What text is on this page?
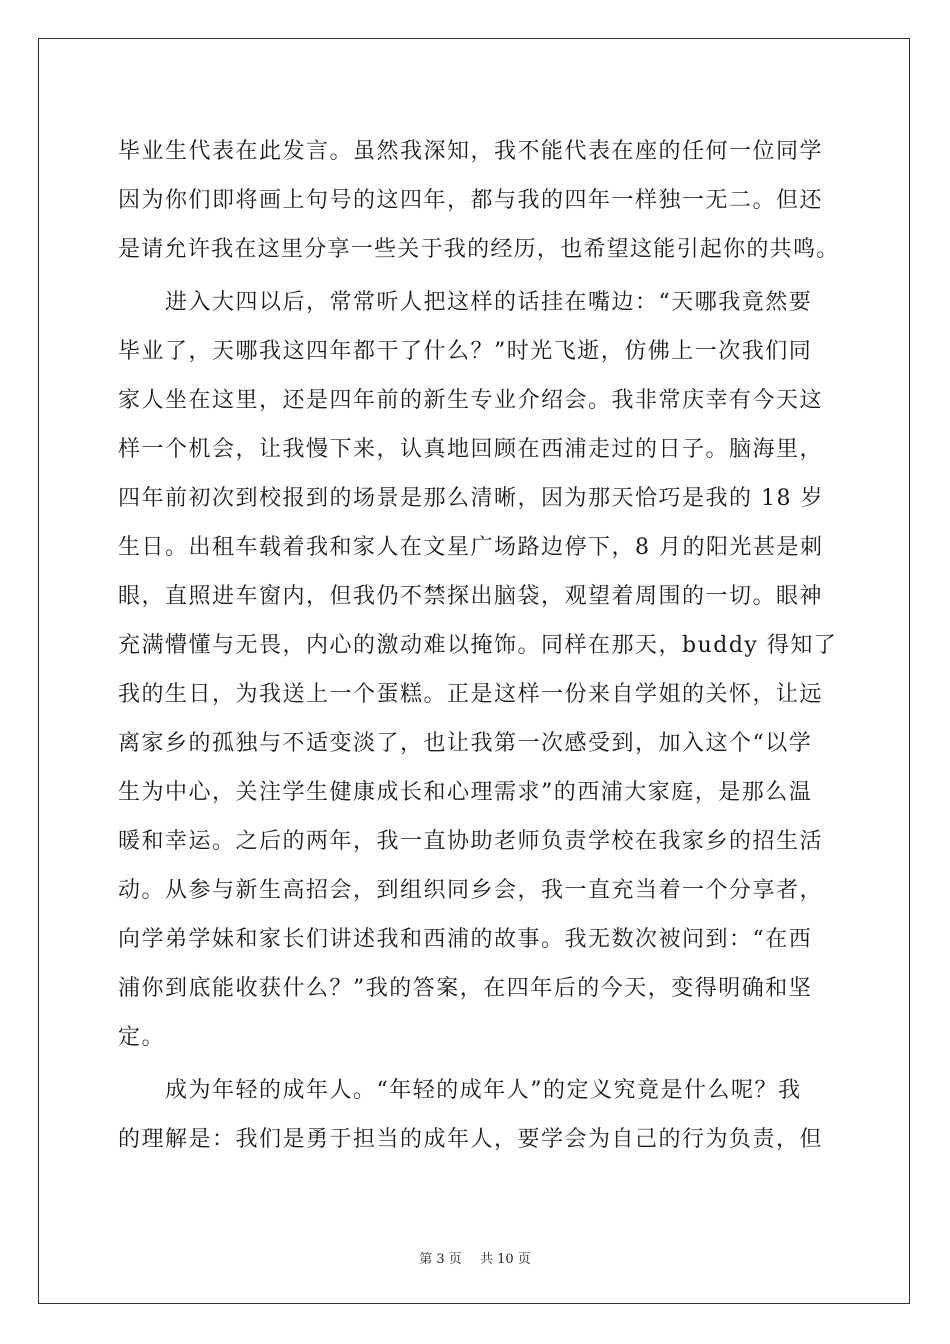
毕业生代表在此发言。虽然我深知，我不能代表在座的任何一位同学
因为你们即将画上句号的这四年，都与我的四年一样独一无二。但还
是请允许我在这里分享一些关于我的经历，也希望这能引起你的共鸣。
　　进入大四以后，常常听人把这样的话挂在嘴边：“天哪我竟然要
毕业了，天哪我这四年都干了什么？”时光飞逝，仿佛上一次我们同
家人坐在这里，还是四年前的新生专业介绍会。我非常庆幸有今天这
样一个机会，让我慢下来，认真地回顾在西浦走过的日子。脑海里，
四年前初次到校报到的场景是那么清晰，因为那天恰巧是我的 18 岁
生日。出租车载着我和家人在文星广场路边停下，8 月的阳光甚是刺
眼，直照进车窗内，但我仍不禁探出脑袋，观望着周围的一切。眼神
充满懵懂与无畏，内心的激动难以掩饰。同样在那天，buddy 得知了
我的生日，为我送上一个蛋糕。正是这样一份来自学姐的关怀，让远
离家乡的孤独与不适变淡了，也让我第一次感受到，加入这个“以学
生为中心，关注学生健康成长和心理需求”的西浦大家庭，是那么温
暖和幸运。之后的两年，我一直协助老师负责学校在我家乡的招生活
动。从参与新生高招会，到组织同乡会，我一直充当着一个分享者，
向学弟学妹和家长们讲述我和西浦的故事。我无数次被问到：“在西
浦你到底能收获什么？”我的答案，在四年后的今天，变得明确和坚
定。
　　成为年轻的成年人。“年轻的成年人”的定义究竟是什么呢？我
的理解是：我们是勇于担当的成年人，要学会为自己的行为负责，但
第 3 页 共 10 页
